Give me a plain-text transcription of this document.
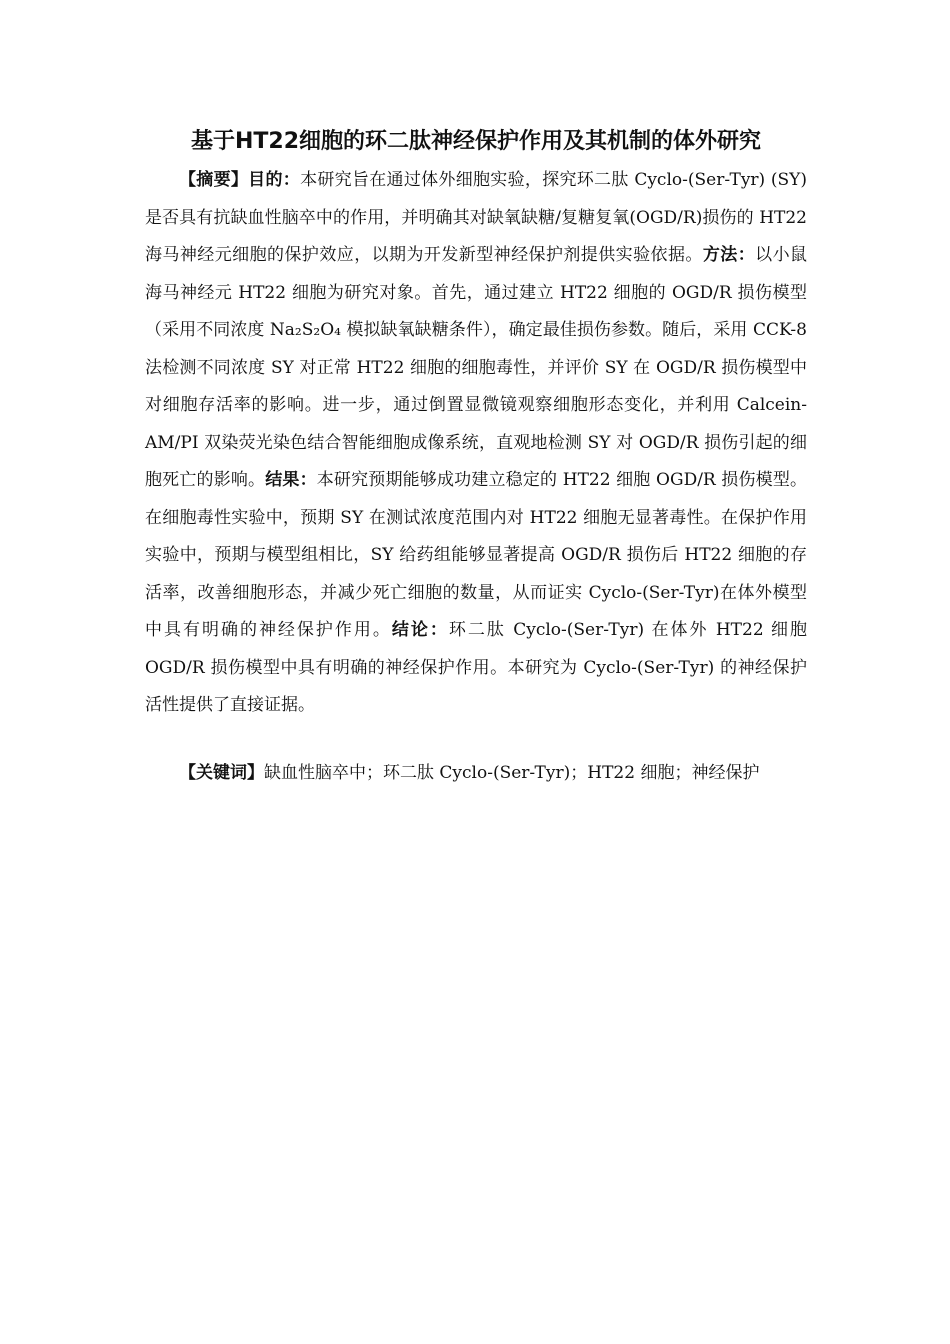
基于HT22细胞的环二肽神经保护作用及其机制的体外研究

【摘要】目的：本研究旨在通过体外细胞实验，探究环二肽 Cyclo-(Ser-Tyr) (SY) 是否具有抗缺血性脑卒中的作用，并明确其对缺氧缺糖/复糖复氧(OGD/R)损伤的 HT22 海马神经元细胞的保护效应，以期为开发新型神经保护剂提供实验依据。方法：以小鼠海马神经元 HT22 细胞为研究对象。首先，通过建立 HT22 细胞的 OGD/R 损伤模型（采用不同浓度 Na₂S₂O₄ 模拟缺氧缺糖条件），确定最佳损伤参数。随后，采用 CCK-8 法检测不同浓度 SY 对正常 HT22 细胞的细胞毒性，并评价 SY 在 OGD/R 损伤模型中对细胞存活率的影响。进一步，通过倒置显微镜观察细胞形态变化，并利用 Calcein-AM/PI 双染荧光染色结合智能细胞成像系统，直观地检测 SY 对 OGD/R 损伤引起的细胞死亡的影响。结果：本研究预期能够成功建立稳定的 HT22 细胞 OGD/R 损伤模型。在细胞毒性实验中，预期 SY 在测试浓度范围内对 HT22 细胞无显著毒性。在保护作用实验中，预期与模型组相比，SY 给药组能够显著提高 OGD/R 损伤后 HT22 细胞的存活率，改善细胞形态，并减少死亡细胞的数量，从而证实 Cyclo-(Ser-Tyr)在体外模型中具有明确的神经保护作用。结论：环二肽 Cyclo-(Ser-Tyr) 在体外 HT22 细胞 OGD/R 损伤模型中具有明确的神经保护作用。本研究为 Cyclo-(Ser-Tyr) 的神经保护活性提供了直接证据。

【关键词】缺血性脑卒中；环二肽 Cyclo-(Ser-Tyr)；HT22 细胞；神经保护
